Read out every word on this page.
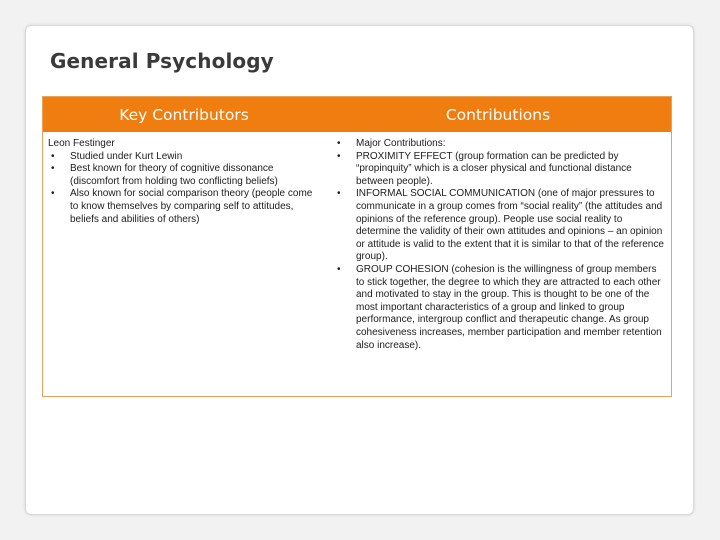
General Psychology
Key Contributors	Contributions

Leon Festinger

• Studied under Kurt Lewin
• Best known for theory of cognitive dissonance (discomfort from holding two conflicting beliefs)
• Also known for social comparison theory (people come to know themselves by comparing self to attitudes, beliefs and abilities of others)
• Major Contributions:
• PROXIMITY EFFECT (group formation can be predicted by “propinquity” which is a closer physical and functional distance between people).
• INFORMAL SOCIAL COMMUNICATION (one of major pressures to communicate in a group comes from “social reality” (the attitudes and opinions of the reference group). People use social reality to determine the validity of their own attitudes and opinions – an opinion or attitude is valid to the extent that it is similar to that of the reference group).
• GROUP COHESION (cohesion is the willingness of group members to stick together, the degree to which they are attracted to each other and motivated to stay in the group. This is thought to be one of the most important characteristics of a group and linked to group performance, intergroup conflict and therapeutic change. As group cohesiveness increases, member participation and member retention also increase).
